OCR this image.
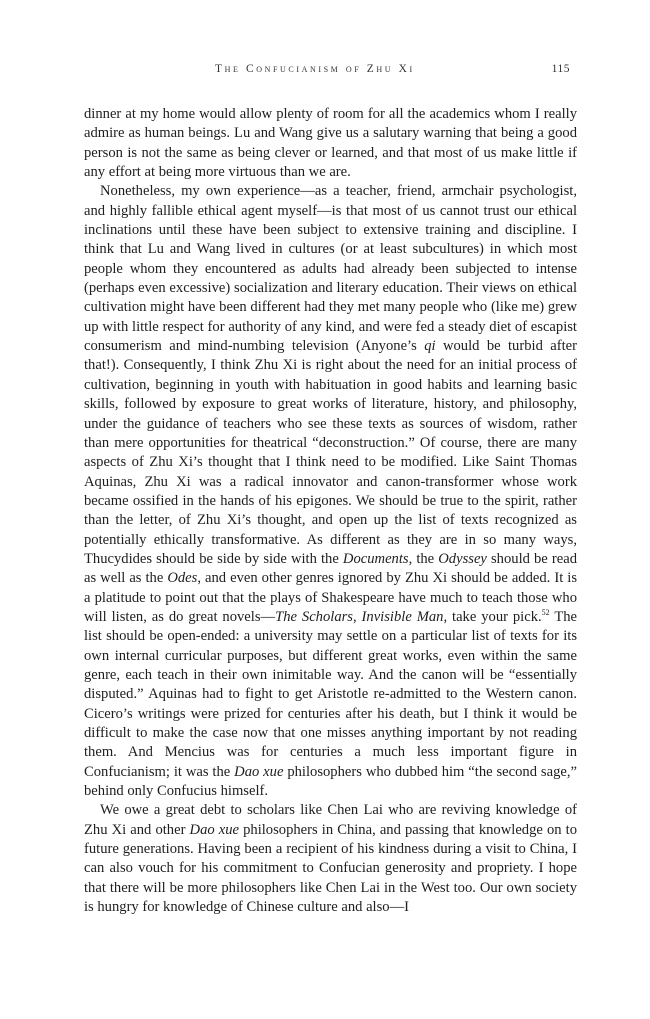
The Confucianism of Zhu Xi	115

dinner at my home would allow plenty of room for all the academics whom I really admire as human beings. Lu and Wang give us a salutary warning that being a good person is not the same as being clever or learned, and that most of us make little if any effort at being more virtuous than we are.

Nonetheless, my own experience—as a teacher, friend, armchair psychologist, and highly fallible ethical agent myself—is that most of us cannot trust our ethical inclinations until these have been subject to extensive training and discipline. I think that Lu and Wang lived in cultures (or at least subcultures) in which most people whom they encountered as adults had already been subjected to intense (perhaps even excessive) socialization and literary education. Their views on ethical cultivation might have been different had they met many people who (like me) grew up with little respect for authority of any kind, and were fed a steady diet of escapist consumerism and mind-numbing television (Anyone’s qi would be turbid after that!). Consequently, I think Zhu Xi is right about the need for an initial process of cultivation, beginning in youth with habituation in good habits and learning basic skills, followed by exposure to great works of literature, history, and philosophy, under the guidance of teachers who see these texts as sources of wisdom, rather than mere opportunities for theatrical “deconstruction.” Of course, there are many aspects of Zhu Xi’s thought that I think need to be modified. Like Saint Thomas Aquinas, Zhu Xi was a radical innovator and canon-transformer whose work became ossified in the hands of his epigones. We should be true to the spirit, rather than the letter, of Zhu Xi’s thought, and open up the list of texts recognized as potentially ethically transformative. As different as they are in so many ways, Thucydides should be side by side with the Documents, the Odyssey should be read as well as the Odes, and even other genres ignored by Zhu Xi should be added. It is a platitude to point out that the plays of Shakespeare have much to teach those who will listen, as do great novels—The Scholars, Invisible Man, take your pick.$^{52}$ The list should be open-ended: a university may settle on a particular list of texts for its own internal curricular purposes, but different great works, even within the same genre, each teach in their own inimitable way. And the canon will be “essentially disputed.” Aquinas had to fight to get Aristotle re-admitted to the Western canon. Cicero’s writings were prized for centuries after his death, but I think it would be difficult to make the case now that one misses anything important by not reading them. And Mencius was for centuries a much less important figure in Confucianism; it was the Dao xue philosophers who dubbed him “the second sage,” behind only Confucius himself.

We owe a great debt to scholars like Chen Lai who are reviving knowledge of Zhu Xi and other Dao xue philosophers in China, and passing that knowledge on to future generations. Having been a recipient of his kindness during a visit to China, I can also vouch for his commitment to Confucian generosity and propriety. I hope that there will be more philosophers like Chen Lai in the West too. Our own society is hungry for knowledge of Chinese culture and also—I
